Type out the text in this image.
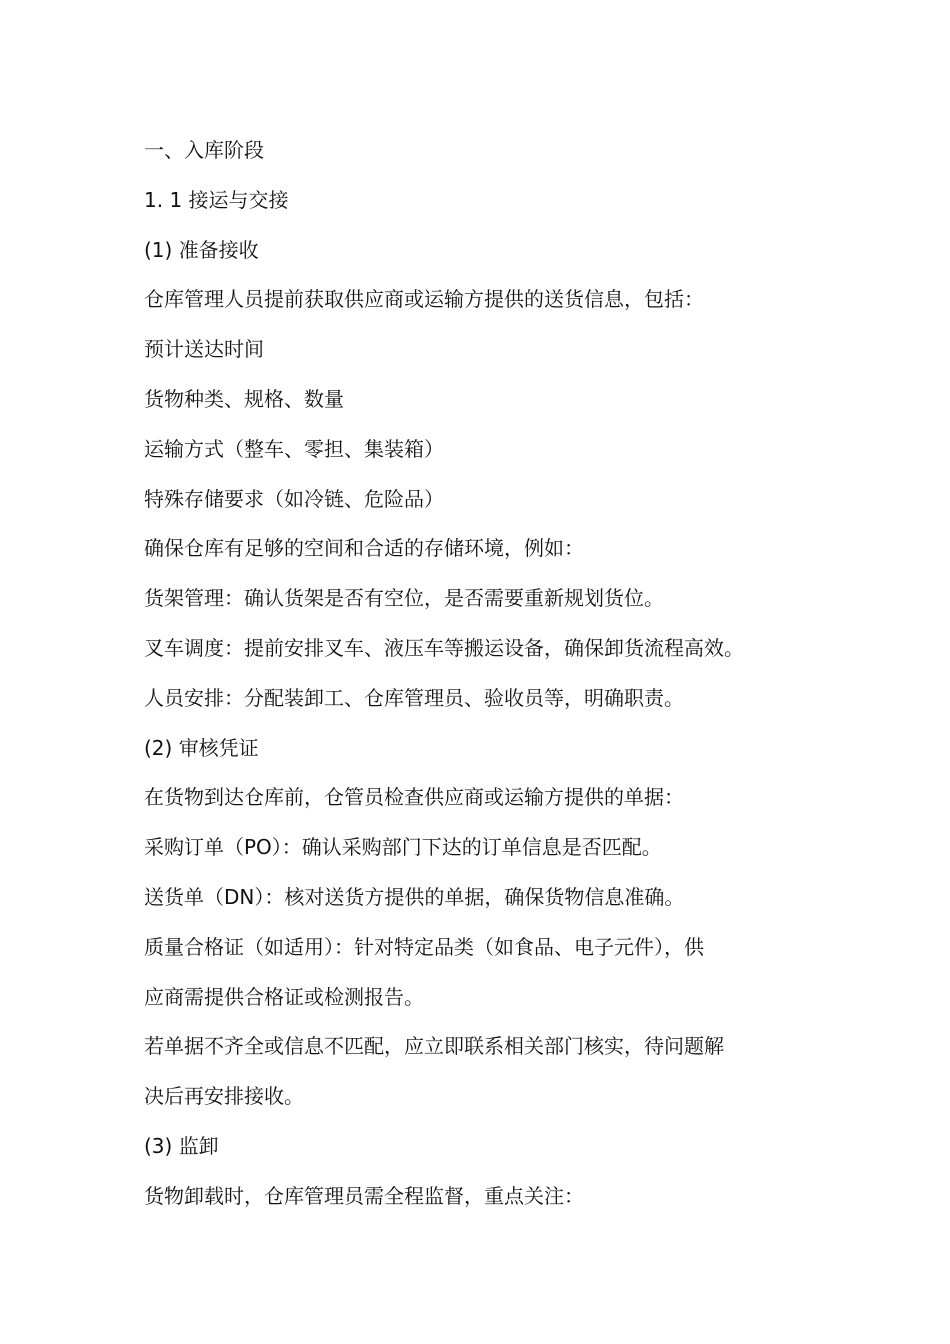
一、入库阶段

1. 1 接运与交接

(1) 准备接收

仓库管理人员提前获取供应商或运输方提供的送货信息，包括：

预计送达时间

货物种类、规格、数量

运输方式（整车、零担、集装箱）

特殊存储要求（如冷链、危险品）

确保仓库有足够的空间和合适的存储环境，例如：

货架管理：确认货架是否有空位，是否需要重新规划货位。

叉车调度：提前安排叉车、液压车等搬运设备，确保卸货流程高效。

人员安排：分配装卸工、仓库管理员、验收员等，明确职责。

(2) 审核凭证

在货物到达仓库前，仓管员检查供应商或运输方提供的单据：

采购订单（PO）：确认采购部门下达的订单信息是否匹配。

送货单（DN）：核对送货方提供的单据，确保货物信息准确。

质量合格证（如适用）：针对特定品类（如食品、电子元件），供

应商需提供合格证或检测报告。

若单据不齐全或信息不匹配，应立即联系相关部门核实，待问题解

决后再安排接收。

(3) 监卸

货物卸载时，仓库管理员需全程监督，重点关注：
